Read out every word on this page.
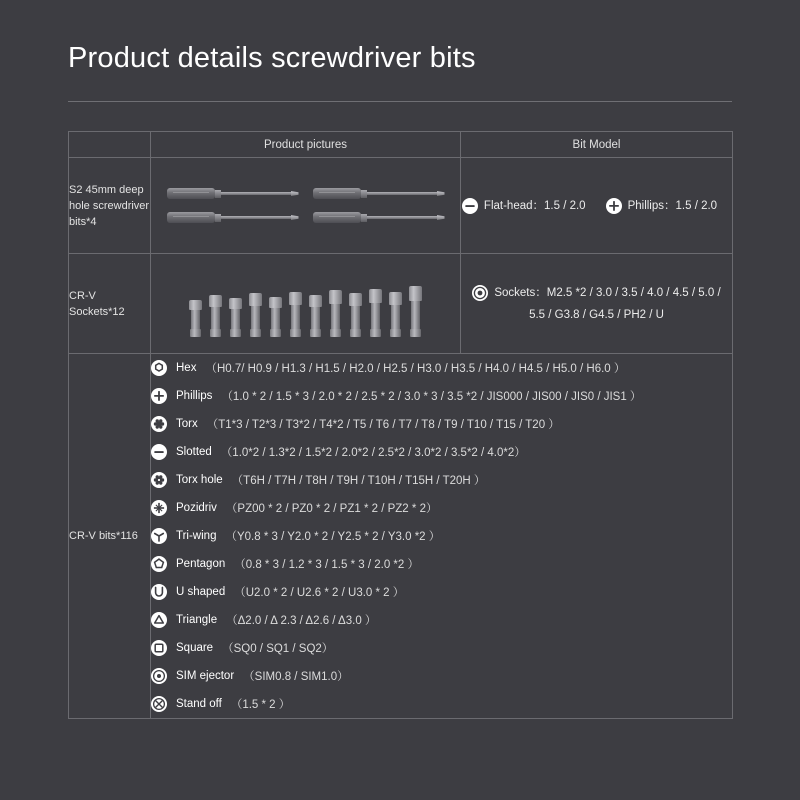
Product details screwdriver bits
	Product pictures	Bit Model
S2 45mm deep hole screwdriver bits*4		Flat-head：1.5 / 2.0 Phillips：1.5 / 2.0

CR-V Sockets*12		Sockets：M2.5 *2 / 3.0 / 3.5 / 4.0 / 4.5 / 5.0 /
5.5 / G3.8 / G4.5 / PH2 / U

CR-V bits*116	
Hex （H0.7/ H0.9 / H1.3 / H1.5 / H2.0 / H2.5 / H3.0 / H3.5 / H4.0 / H4.5 / H5.0 / H6.0 ）
Phillips （1.0 * 2 / 1.5 * 3 / 2.0 * 2 / 2.5 * 2 / 3.0 * 3 / 3.5 *2 / JIS000 / JIS00 / JIS0 / JIS1 ）
Torx （T1*3 / T2*3 / T3*2 / T4*2 / T5 / T6 / T7 / T8 / T9 / T10 / T15 / T20 ）
Slotted （1.0*2 / 1.3*2 / 1.5*2 / 2.0*2 / 2.5*2 / 3.0*2 / 3.5*2 / 4.0*2）
Torx hole （T6H / T7H / T8H / T9H / T10H / T15H / T20H ）
Pozidriv （PZ00 * 2 / PZ0 * 2 / PZ1 * 2 / PZ2 * 2）
Tri-wing （Y0.8 * 3 / Y2.0 * 2 / Y2.5 * 2 / Y3.0 *2 ）
Pentagon （0.8 * 3 / 1.2 * 3 / 1.5 * 3 / 2.0 *2 ）
U shaped （U2.0 * 2 / U2.6 * 2 / U3.0 * 2 ）
Triangle （Δ2.0 / Δ 2.3 / Δ2.6 / Δ3.0 ）
Square （SQ0 / SQ1 / SQ2）
SIM ejector （SIM0.8 / SIM1.0）
Stand off （1.5 * 2 ）
